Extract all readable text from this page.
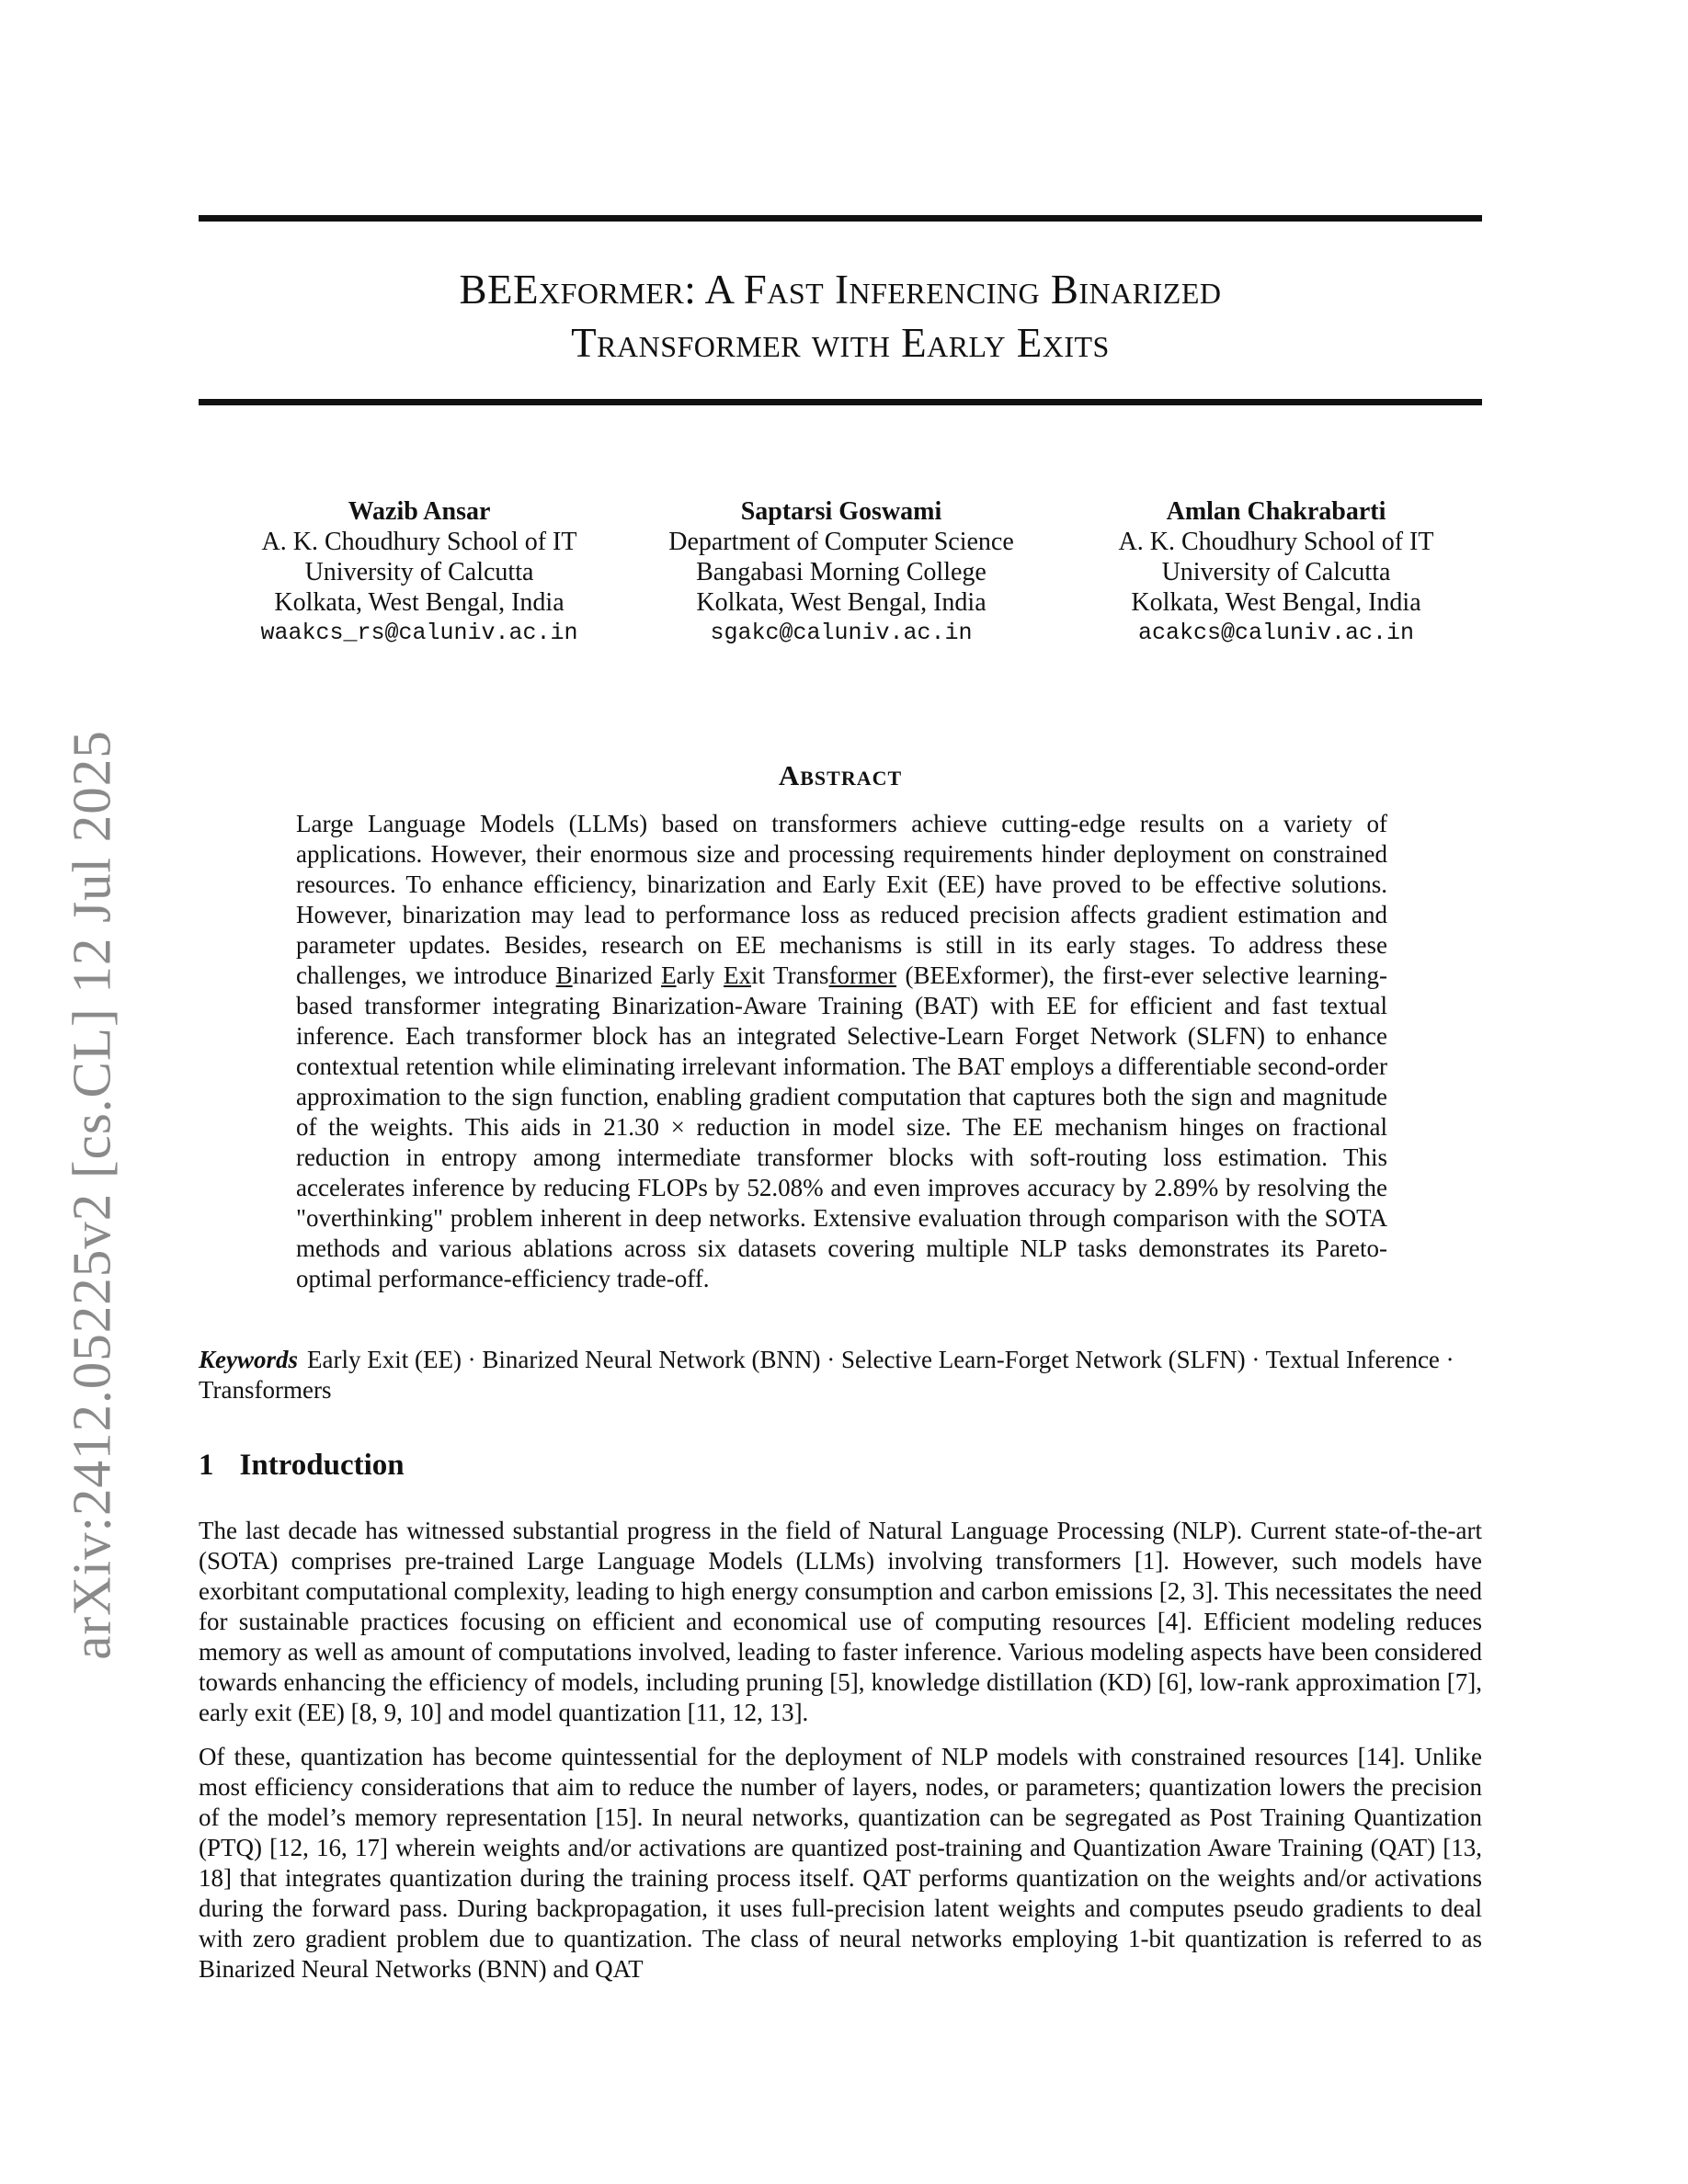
BEExformer: A Fast Inferencing Binarized
Transformer with Early Exits
arXiv:2412.05225v2 [cs.CL] 12 Jul 2025
Wazib Ansar
A. K. Choudhury School of IT
University of Calcutta
Kolkata, West Bengal, India
waakcs_rs@caluniv.ac.in
Saptarsi Goswami
Department of Computer Science
Bangabasi Morning College
Kolkata, West Bengal, India
sgakc@caluniv.ac.in
Amlan Chakrabarti
A. K. Choudhury School of IT
University of Calcutta
Kolkata, West Bengal, India
acakcs@caluniv.ac.in
Abstract
Large Language Models (LLMs) based on transformers achieve cutting-edge results on a variety of applications. However, their enormous size and processing requirements hinder deployment on constrained resources. To enhance efficiency, binarization and Early Exit (EE) have proved to be effective solutions. However, binarization may lead to performance loss as reduced precision affects gradient estimation and parameter updates. Besides, research on EE mechanisms is still in its early stages. To address these challenges, we introduce Binarized Early Exit Transformer (BEExformer), the first-ever selective learning-based transformer integrating Binarization-Aware Training (BAT) with EE for efficient and fast textual inference. Each transformer block has an integrated Selective-Learn Forget Network (SLFN) to enhance contextual retention while eliminating irrelevant information. The BAT employs a differentiable second-order approximation to the sign function, enabling gradient computation that captures both the sign and magnitude of the weights. This aids in 21.30 × reduction in model size. The EE mechanism hinges on fractional reduction in entropy among intermediate transformer blocks with soft-routing loss estimation. This accelerates inference by reducing FLOPs by 52.08% and even improves accuracy by 2.89% by resolving the "overthinking" problem inherent in deep networks. Extensive evaluation through comparison with the SOTA methods and various ablations across six datasets covering multiple NLP tasks demonstrates its Pareto-optimal performance-efficiency trade-off.
Keywords Early Exit (EE) · Binarized Neural Network (BNN) · Selective Learn-Forget Network (SLFN) · Textual Inference · Transformers
1 Introduction
The last decade has witnessed substantial progress in the field of Natural Language Processing (NLP). Current state-of-the-art (SOTA) comprises pre-trained Large Language Models (LLMs) involving transformers [1]. However, such models have exorbitant computational complexity, leading to high energy consumption and carbon emissions [2, 3]. This necessitates the need for sustainable practices focusing on efficient and economical use of computing resources [4]. Efficient modeling reduces memory as well as amount of computations involved, leading to faster inference. Various modeling aspects have been considered towards enhancing the efficiency of models, including pruning [5], knowledge distillation (KD) [6], low-rank approximation [7], early exit (EE) [8, 9, 10] and model quantization [11, 12, 13].
Of these, quantization has become quintessential for the deployment of NLP models with constrained resources [14]. Unlike most efficiency considerations that aim to reduce the number of layers, nodes, or parameters; quantization lowers the precision of the model’s memory representation [15]. In neural networks, quantization can be segregated as Post Training Quantization (PTQ) [12, 16, 17] wherein weights and/or activations are quantized post-training and Quantization Aware Training (QAT) [13, 18] that integrates quantization during the training process itself. QAT performs quantization on the weights and/or activations during the forward pass. During backpropagation, it uses full-precision latent weights and computes pseudo gradients to deal with zero gradient problem due to quantization. The class of neural networks employing 1-bit quantization is referred to as Binarized Neural Networks (BNN) and QAT
